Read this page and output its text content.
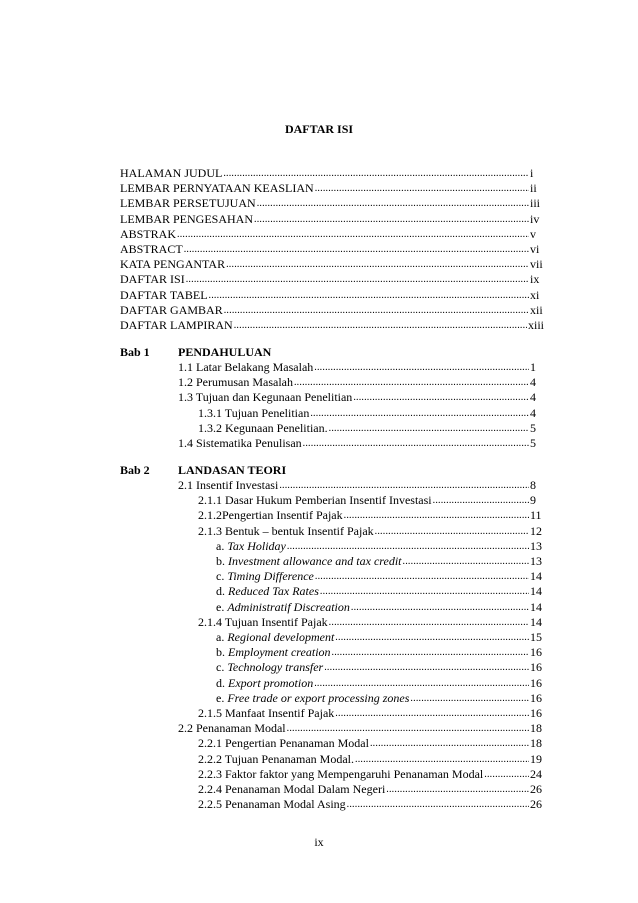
DAFTAR ISI
HALAMAN JUDUL .....	i
LEMBAR PERNYATAAN KEASLIAN .....	ii
LEMBAR PERSETUJUAN .....	iii
LEMBAR PENGESAHAN .....	iv
ABSTRAK .....	v
ABSTRACT .....	vi
KATA PENGANTAR .....	vii
DAFTAR ISI .....	ix
DAFTAR TABEL .....	xi
DAFTAR GAMBAR .....	xii
DAFTAR LAMPIRAN .....	xiii
Bab 1 PENDAHULUAN
1.1 Latar Belakang Masalah .....	1
1.2 Perumusan Masalah .....	4
1.3 Tujuan dan Kegunaan Penelitian .....	4
1.3.1 Tujuan Penelitian .....	4
1.3.2 Kegunaan Penelitian. .....	5
1.4 Sistematika Penulisan .....	5
Bab 2 LANDASAN TEORI
2.1 Insentif Investasi .....	8
2.1.1 Dasar Hukum Pemberian Insentif Investasi .....	9
2.1.2Pengertian Insentif Pajak .....	11
2.1.3 Bentuk – bentuk Insentif Pajak .....	12
a. Tax Holiday .....	13
b. Investment allowance and tax credit .....	13
c. Timing Difference .....	14
d. Reduced Tax Rates .....	14
e. Administratif Discreation .....	14
2.1.4 Tujuan Insentif Pajak .....	14
a. Regional development .....	15
b. Employment creation .....	16
c. Technology transfer .....	16
d. Export promotion .....	16
e. Free trade or export processing zones .....	16
2.1.5 Manfaat Insentif Pajak .....	16
2.2 Penanaman Modal .....	18
2.2.1 Pengertian Penanaman Modal .....	18
2.2.2 Tujuan Penanaman Modal. .....	19
2.2.3 Faktor faktor yang Mempengaruhi Penanaman Modal .....	24
2.2.4 Penanaman Modal Dalam Negeri .....	26
2.2.5 Penanaman Modal Asing .....	26
ix
